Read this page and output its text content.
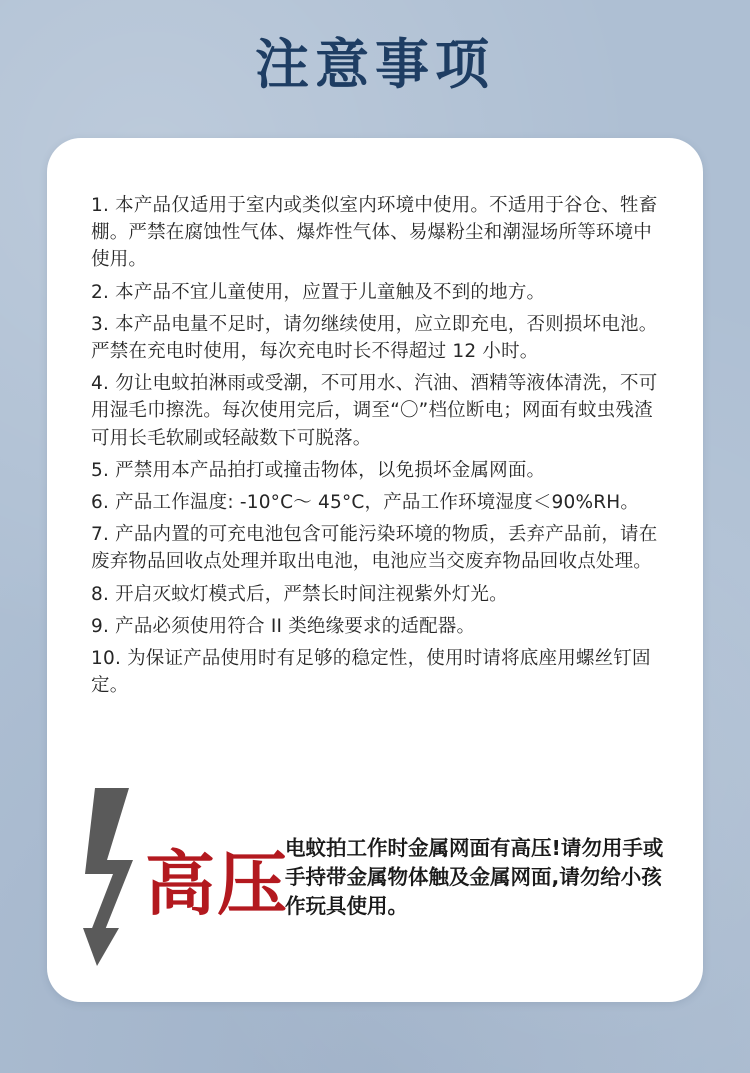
注意事项
1. 本产品仅适用于室内或类似室内环境中使用。不适用于谷仓、牲畜棚。严禁在腐蚀性气体、爆炸性气体、易爆粉尘和潮湿场所等环境中使用。
2. 本产品不宜儿童使用，应置于儿童触及不到的地方。
3. 本产品电量不足时，请勿继续使用，应立即充电，否则损坏电池。严禁在充电时使用，每次充电时长不得超过 12 小时。
4. 勿让电蚊拍淋雨或受潮，不可用水、汽油、酒精等液体清洗，不可用湿毛巾擦洗。每次使用完后，调至“〇”档位断电；网面有蚊虫残渣可用长毛软刷或轻敲数下可脱落。
5. 严禁用本产品拍打或撞击物体，以免损坏金属网面。
6. 产品工作温度: -10°C～ 45°C，产品工作环境湿度＜90%RH。
7. 产品内置的可充电池包含可能污染环境的物质，丢弃产品前，请在废弃物品回收点处理并取出电池，电池应当交废弃物品回收点处理。
8. 开启灭蚊灯模式后，严禁长时间注视紫外灯光。
9. 产品必须使用符合 II 类绝缘要求的适配器。
10. 为保证产品使用时有足够的稳定性，使用时请将底座用螺丝钉固定。
高压
电蚊拍工作时金属网面有高压!请勿用手或手持带金属物体触及金属网面,请勿给小孩作玩具使用。
